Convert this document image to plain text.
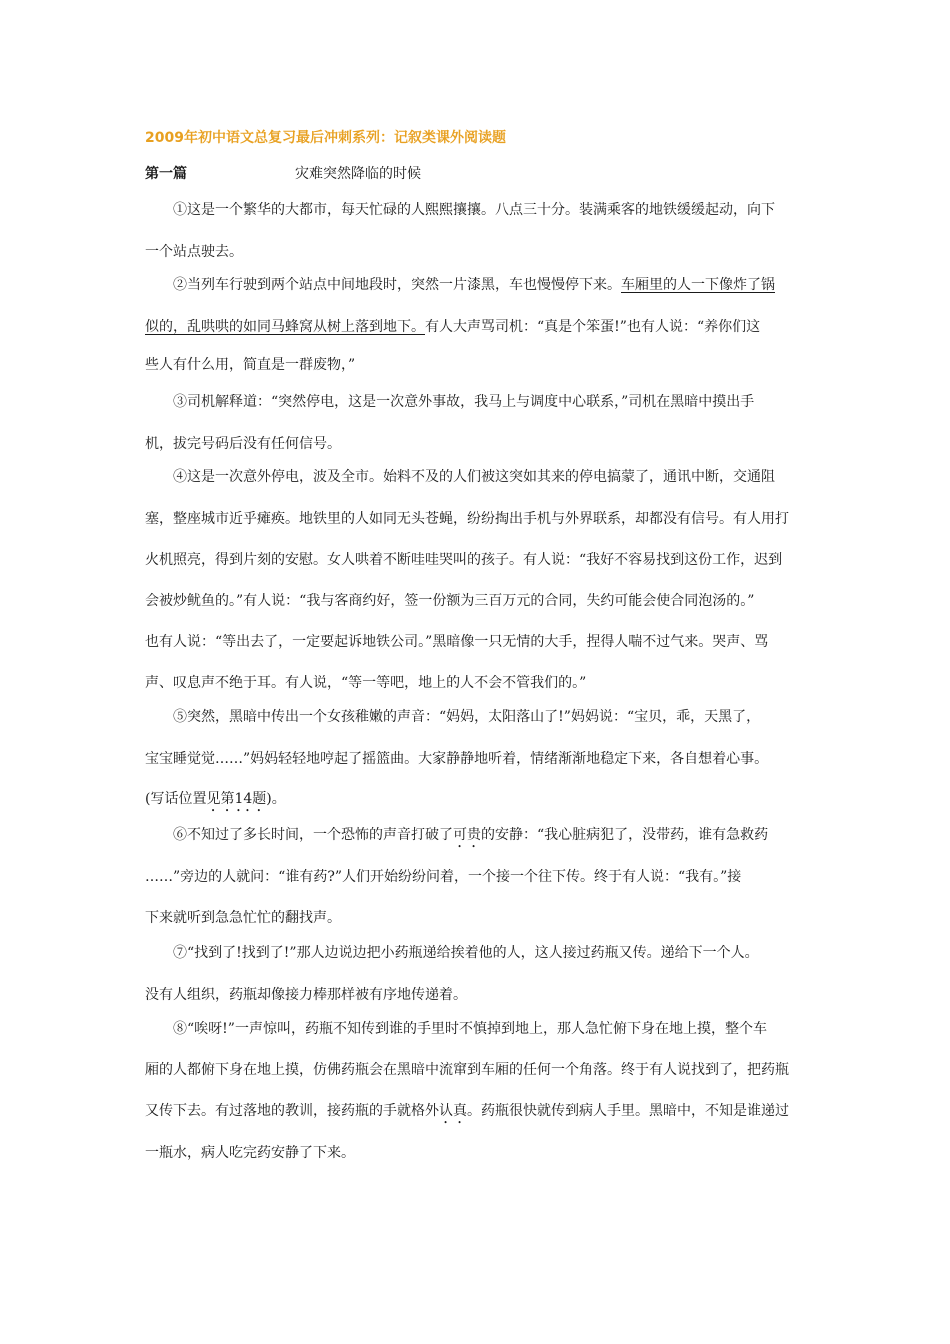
2009年初中语文总复习最后冲刺系列：记叙类课外阅读题
第一篇	灾难突然降临的时候
　　①这是一个繁华的大都市，每天忙碌的人熙熙攘攘。八点三十分。装满乘客的地铁缓缓起动，向下
一个站点驶去。
　　②当列车行驶到两个站点中间地段时，突然一片漆黑，车也慢慢停下来。车厢里的人一下像炸了锅
似的，乱哄哄的如同马蜂窝从树上落到地下。有人大声骂司机：“真是个笨蛋!”也有人说：“养你们这
些人有什么用，简直是一群废物，”
　　③司机解释道：“突然停电，这是一次意外事故，我马上与调度中心联系，”司机在黑暗中摸出手
机，拔完号码后没有任何信号。
　　④这是一次意外停电，波及全市。始料不及的人们被这突如其来的停电搞蒙了，通讯中断，交通阻
塞，整座城市近乎瘫痪。地铁里的人如同无头苍蝇，纷纷掏出手机与外界联系，却都没有信号。有人用打
火机照亮，得到片刻的安慰。女人哄着不断哇哇哭叫的孩子。有人说：“我好不容易找到这份工作，迟到
会被炒鱿鱼的。”有人说：“我与客商约好，签一份额为三百万元的合同，失约可能会使合同泡汤的。”
也有人说：“等出去了，一定要起诉地铁公司。”黑暗像一只无情的大手，捏得人喘不过气来。哭声、骂
声、叹息声不绝于耳。有人说，“等一等吧，地上的人不会不管我们的。”
　　⑤突然，黑暗中传出一个女孩稚嫩的声音：“妈妈，太阳落山了!”妈妈说：“宝贝，乖，天黑了，
宝宝睡觉觉……”妈妈轻轻地哼起了摇篮曲。大家静静地听着，情绪渐渐地稳定下来，各自想着心事。
(写话位置见第14题)。
　　⑥不知过了多长时间，一个恐怖的声音打破了可贵的安静：“我心脏病犯了，没带药，谁有急救药
……”旁边的人就问：“谁有药?”人们开始纷纷问着，一个接一个往下传。终于有人说：“我有。”接
下来就听到急急忙忙的翻找声。
　　⑦“找到了!找到了!”那人边说边把小药瓶递给挨着他的人，这人接过药瓶又传。递给下一个人。
没有人组织，药瓶却像接力棒那样被有序地传递着。
　　⑧“唉呀!”一声惊叫，药瓶不知传到谁的手里时不慎掉到地上，那人急忙俯下身在地上摸，整个车
厢的人都俯下身在地上摸，仿佛药瓶会在黑暗中流窜到车厢的任何一个角落。终于有人说找到了，把药瓶
又传下去。有过落地的教训，接药瓶的手就格外认真。药瓶很快就传到病人手里。黑暗中，不知是谁递过
一瓶水，病人吃完药安静了下来。
